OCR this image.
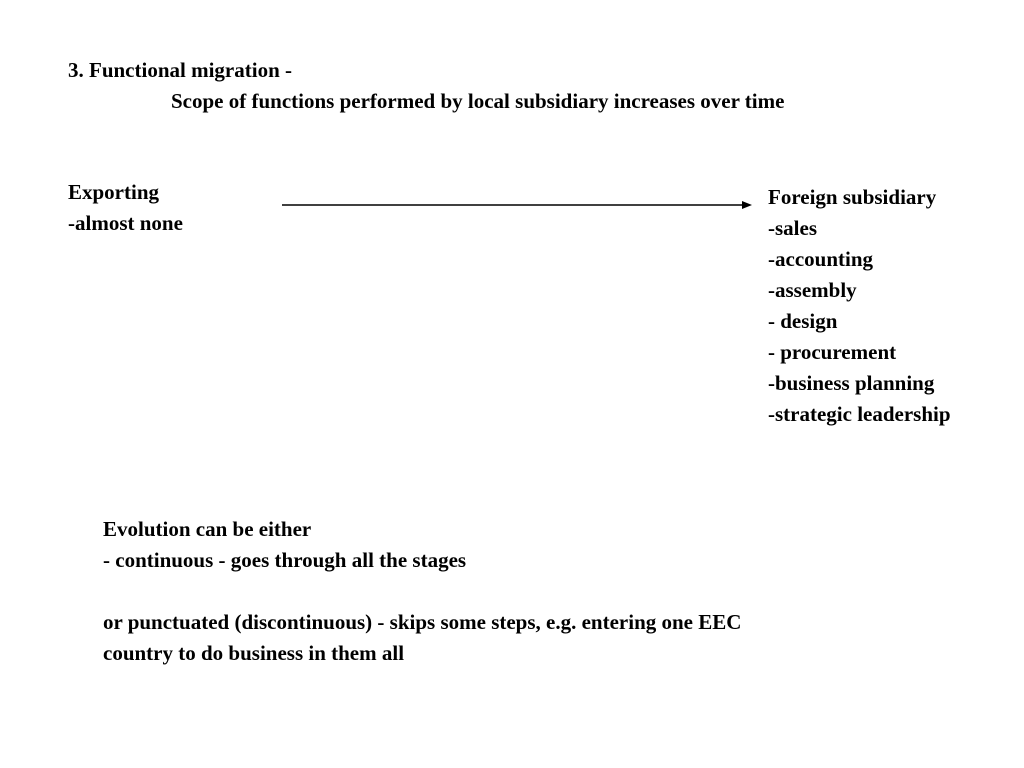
3. Functional migration -
Scope of functions performed by local subsidiary increases over time
Exporting
-almost none
Foreign subsidiary
-sales
-accounting
-assembly
- design
- procurement
-business planning
-strategic leadership
Evolution can be either
- continuous - goes through all the stages
or punctuated (discontinuous) - skips some steps, e.g. entering one EEC
country to do business in them all
